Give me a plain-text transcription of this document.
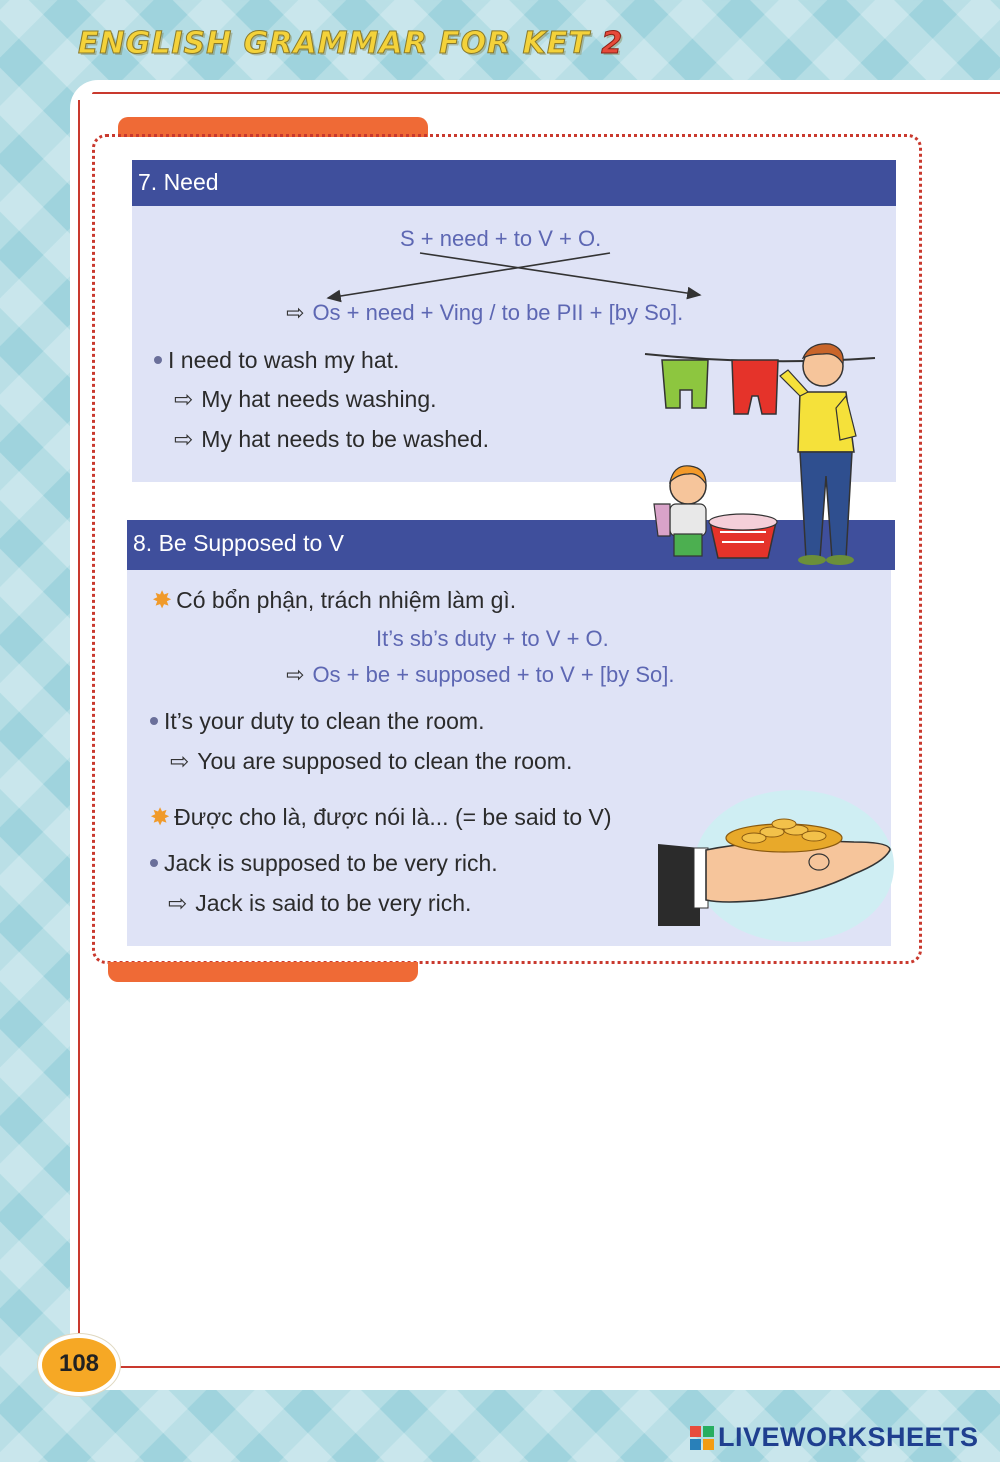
ENGLISH GRAMMAR FOR KET 2
7. Need
S + need + to V + O.
⇨ Os + need + Ving / to be PII + [by So].
I need to wash my hat.
⇨ My hat needs washing.
⇨ My hat needs to be washed.
8. Be Supposed to V
✸ Có bổn phận, trách nhiệm làm gì.
It’s sb’s duty + to V + O.
⇨ Os + be + supposed + to V + [by So].
It’s your duty to clean the room.
⇨ You are supposed to clean the room.
✸ Được cho là, được nói là... (= be said to V)
Jack is supposed to be very rich.
⇨ Jack is said to be very rich.
108
LIVEWORKSHEETS
